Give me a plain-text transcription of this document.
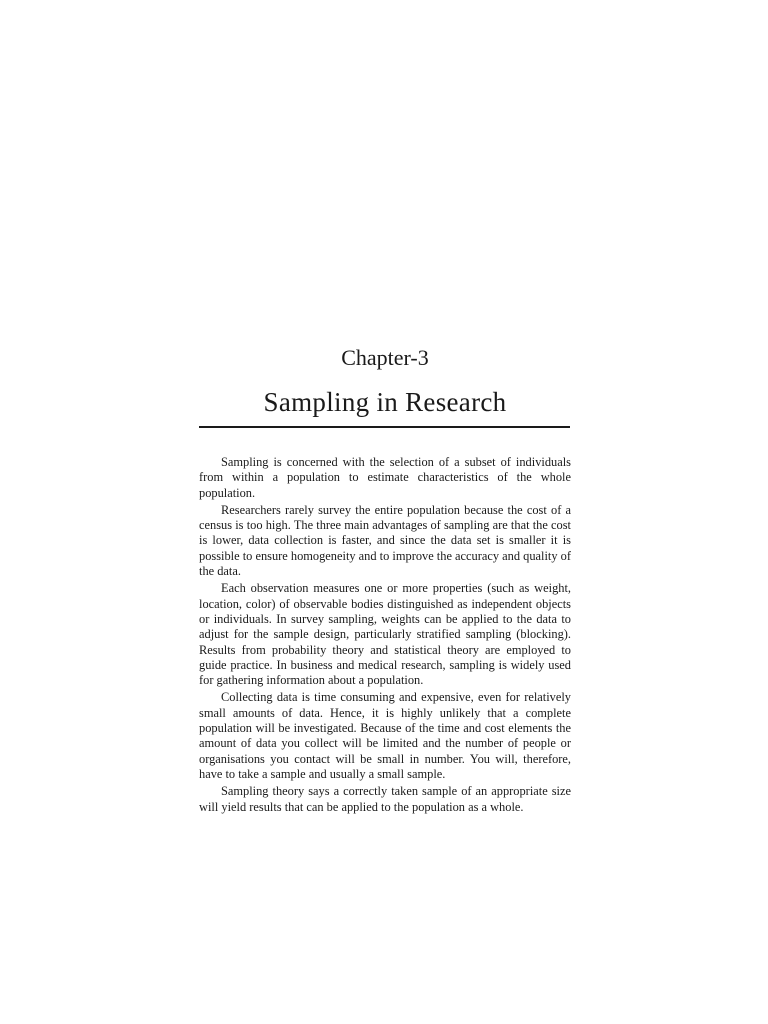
Chapter-3
Sampling in Research

Sampling is concerned with the selection of a subset of individuals from within a population to estimate characteristics of the whole population.

Researchers rarely survey the entire population because the cost of a census is too high. The three main advantages of sampling are that the cost is lower, data collection is faster, and since the data set is smaller it is possible to ensure homogeneity and to improve the accuracy and quality of the data.

Each observation measures one or more properties (such as weight, location, color) of observable bodies distinguished as independent objects or individuals. In survey sampling, weights can be applied to the data to adjust for the sample design, particularly stratified sampling (blocking). Results from probability theory and statistical theory are employed to guide practice. In business and medical research, sampling is widely used for gathering information about a population.

Collecting data is time consuming and expensive, even for relatively small amounts of data. Hence, it is highly unlikely that a complete population will be investigated. Because of the time and cost elements the amount of data you collect will be limited and the number of people or organisations you contact will be small in number. You will, therefore, have to take a sample and usually a small sample.

Sampling theory says a correctly taken sample of an appropriate size will yield results that can be applied to the population as a whole.
